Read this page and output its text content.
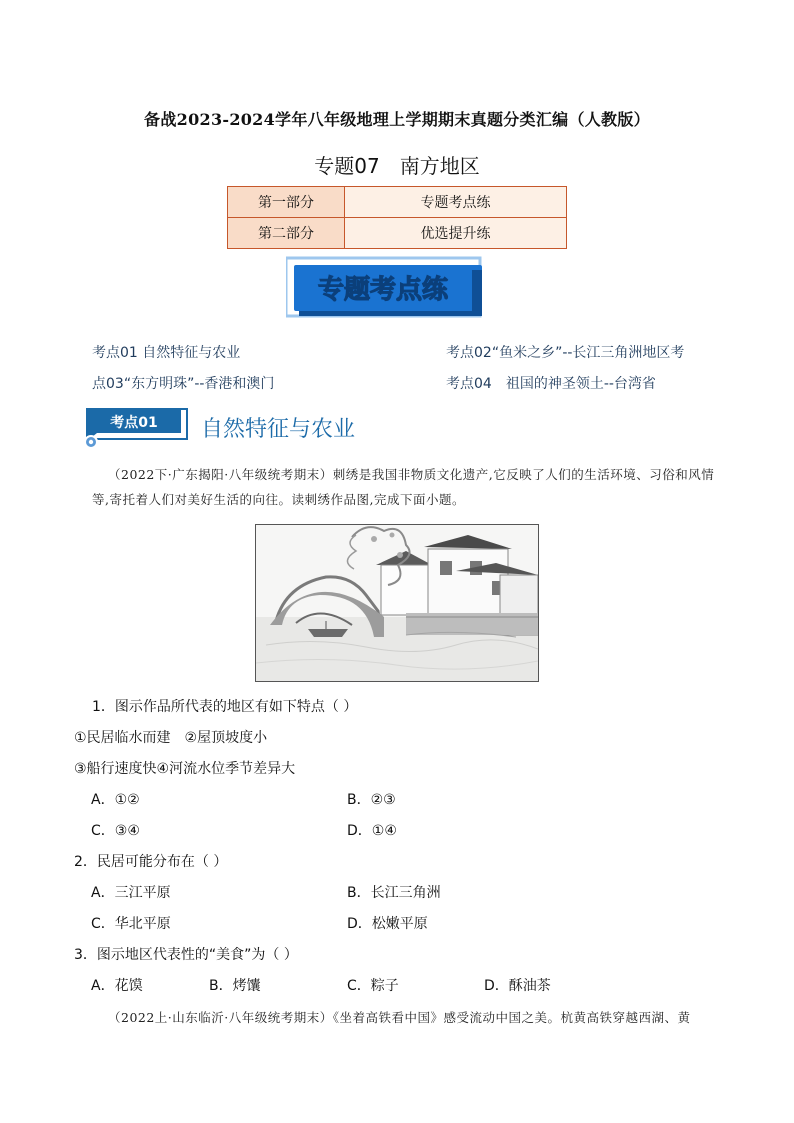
备战2023-2024学年八年级地理上学期期末真题分类汇编（人教版）
专题07　南方地区
第一部分	专题考点练
第二部分	优选提升练
专题考点练
考点01 自然特征与农业	考点02“鱼米之乡”--长江三角洲地区考
点03“东方明珠”--香港和澳门	考点04　祖国的神圣领土--台湾省
考点01 自然特征与农业
（2022下·广东揭阳·八年级统考期末）刺绣是我国非物质文化遗产,它反映了人们的生活环境、习俗和风情等,寄托着人们对美好生活的向往。读刺绣作品图,完成下面小题。
1．图示作品所代表的地区有如下特点（ ）
①民居临水而建　②屋顶坡度小
③船行速度快④河流水位季节差异大
A．①②	B．②③
C．③④	D．①④
2．民居可能分布在（ ）
A．三江平原	B．长江三角洲
C．华北平原	D．松嫩平原
3．图示地区代表性的“美食”为（ ）
A．花馍	B．烤馕	C．粽子	D．酥油茶
（2022上·山东临沂·八年级统考期末）《坐着高铁看中国》感受流动中国之美。杭黄高铁穿越西湖、黄
